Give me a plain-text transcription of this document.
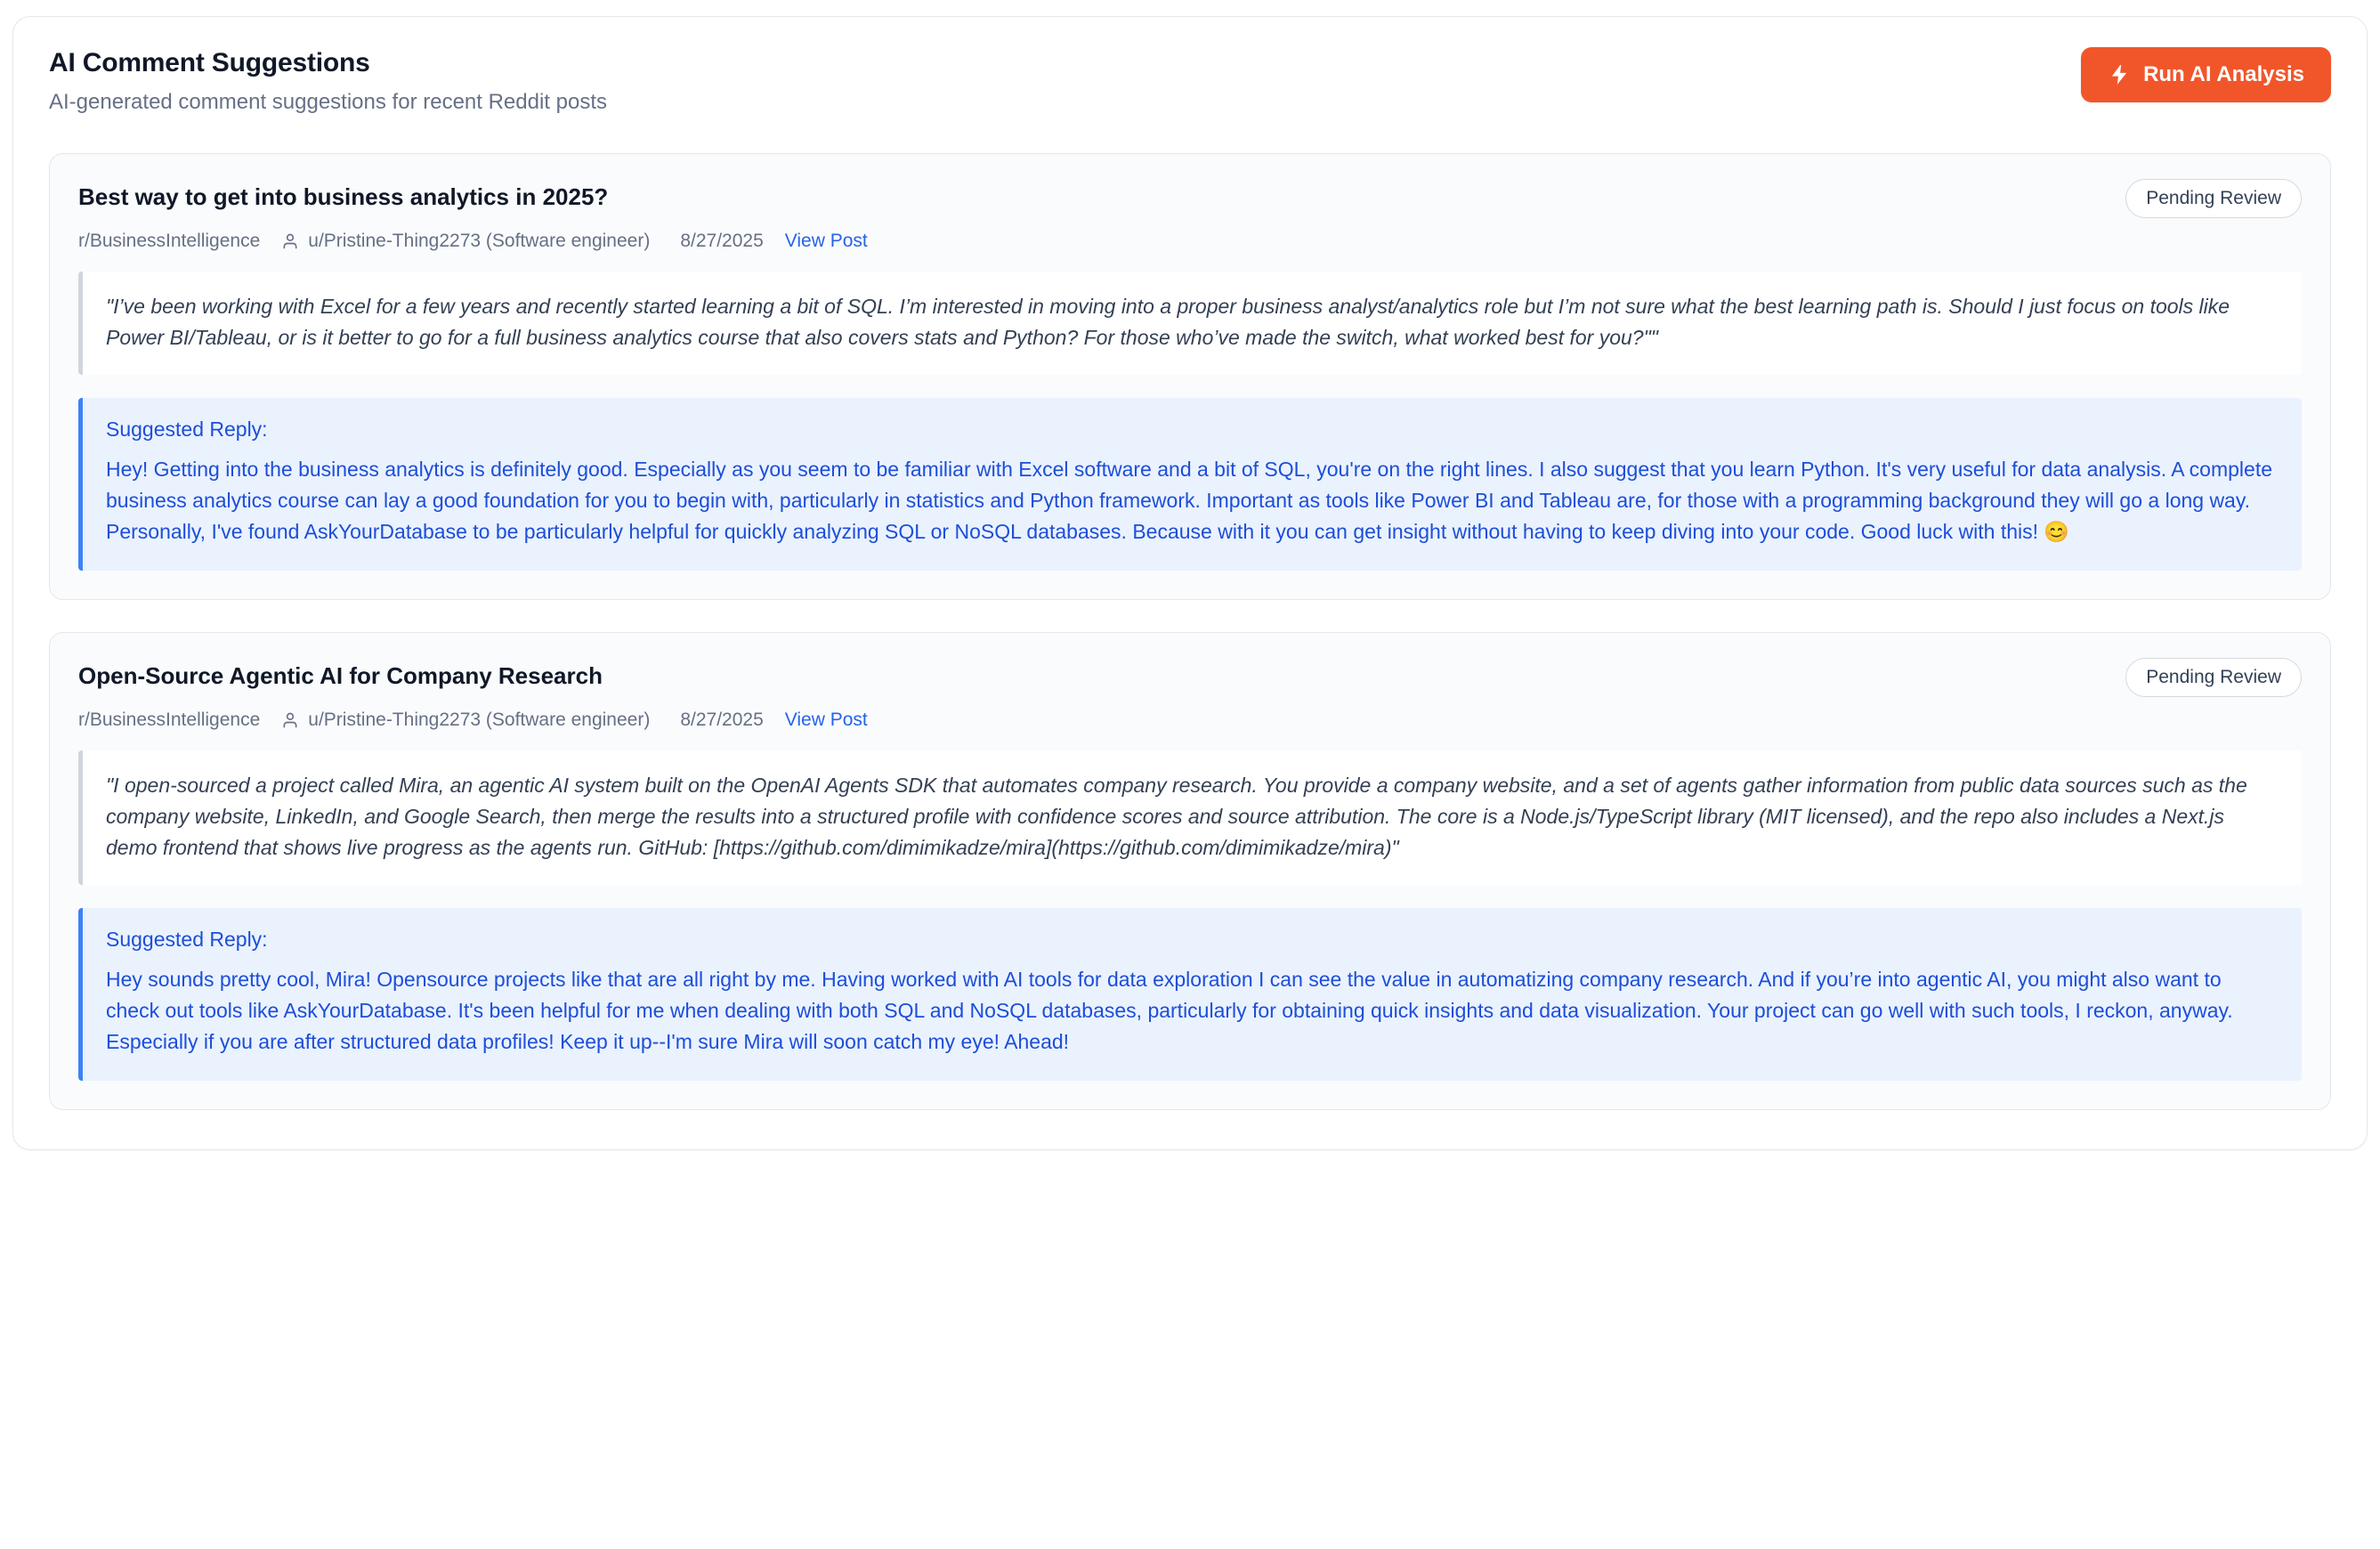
AI Comment Suggestions
AI-generated comment suggestions for recent Reddit posts
Run AI Analysis
Best way to get into business analytics in 2025?	Pending Review
r/BusinessIntelligence	u/Pristine-Thing2273 (Software engineer) 8/27/2025 View Post
"I’ve been working with Excel for a few years and recently started learning a bit of SQL. I’m interested in moving into a proper business analyst/analytics role but I’m not sure what the best learning path is. Should I just focus on tools like Power BI/Tableau, or is it better to go for a full business analytics course that also covers stats and Python? For those who’ve made the switch, what worked best for you?""
Suggested Reply:
Hey! Getting into the business analytics is definitely good. Especially as you seem to be familiar with Excel software and a bit of SQL, you're on the right lines. I also suggest that you learn Python. It's very useful for data analysis. A complete business analytics course can lay a good foundation for you to begin with, particularly in statistics and Python framework. Important as tools like Power BI and Tableau are, for those with a programming background they will go a long way. Personally, I've found AskYourDatabase to be particularly helpful for quickly analyzing SQL or NoSQL databases. Because with it you can get insight without having to keep diving into your code. Good luck with this! 😊
Open-Source Agentic AI for Company Research	Pending Review
r/BusinessIntelligence	u/Pristine-Thing2273 (Software engineer) 8/27/2025 View Post
"I open-sourced a project called Mira, an agentic AI system built on the OpenAI Agents SDK that automates company research. You provide a company website, and a set of agents gather information from public data sources such as the company website, LinkedIn, and Google Search, then merge the results into a structured profile with confidence scores and source attribution. The core is a Node.js/TypeScript library (MIT licensed), and the repo also includes a Next.js demo frontend that shows live progress as the agents run. GitHub: [https://github.com/dimimikadze/mira](https://github.com/dimimikadze/mira)"
Suggested Reply:
Hey sounds pretty cool, Mira! Opensource projects like that are all right by me. Having worked with AI tools for data exploration I can see the value in automatizing company research. And if you’re into agentic AI, you might also want to check out tools like AskYourDatabase. It's been helpful for me when dealing with both SQL and NoSQL databases, particularly for obtaining quick insights and data visualization. Your project can go well with such tools, I reckon, anyway. Especially if you are after structured data profiles! Keep it up--I'm sure Mira will soon catch my eye! Ahead!
